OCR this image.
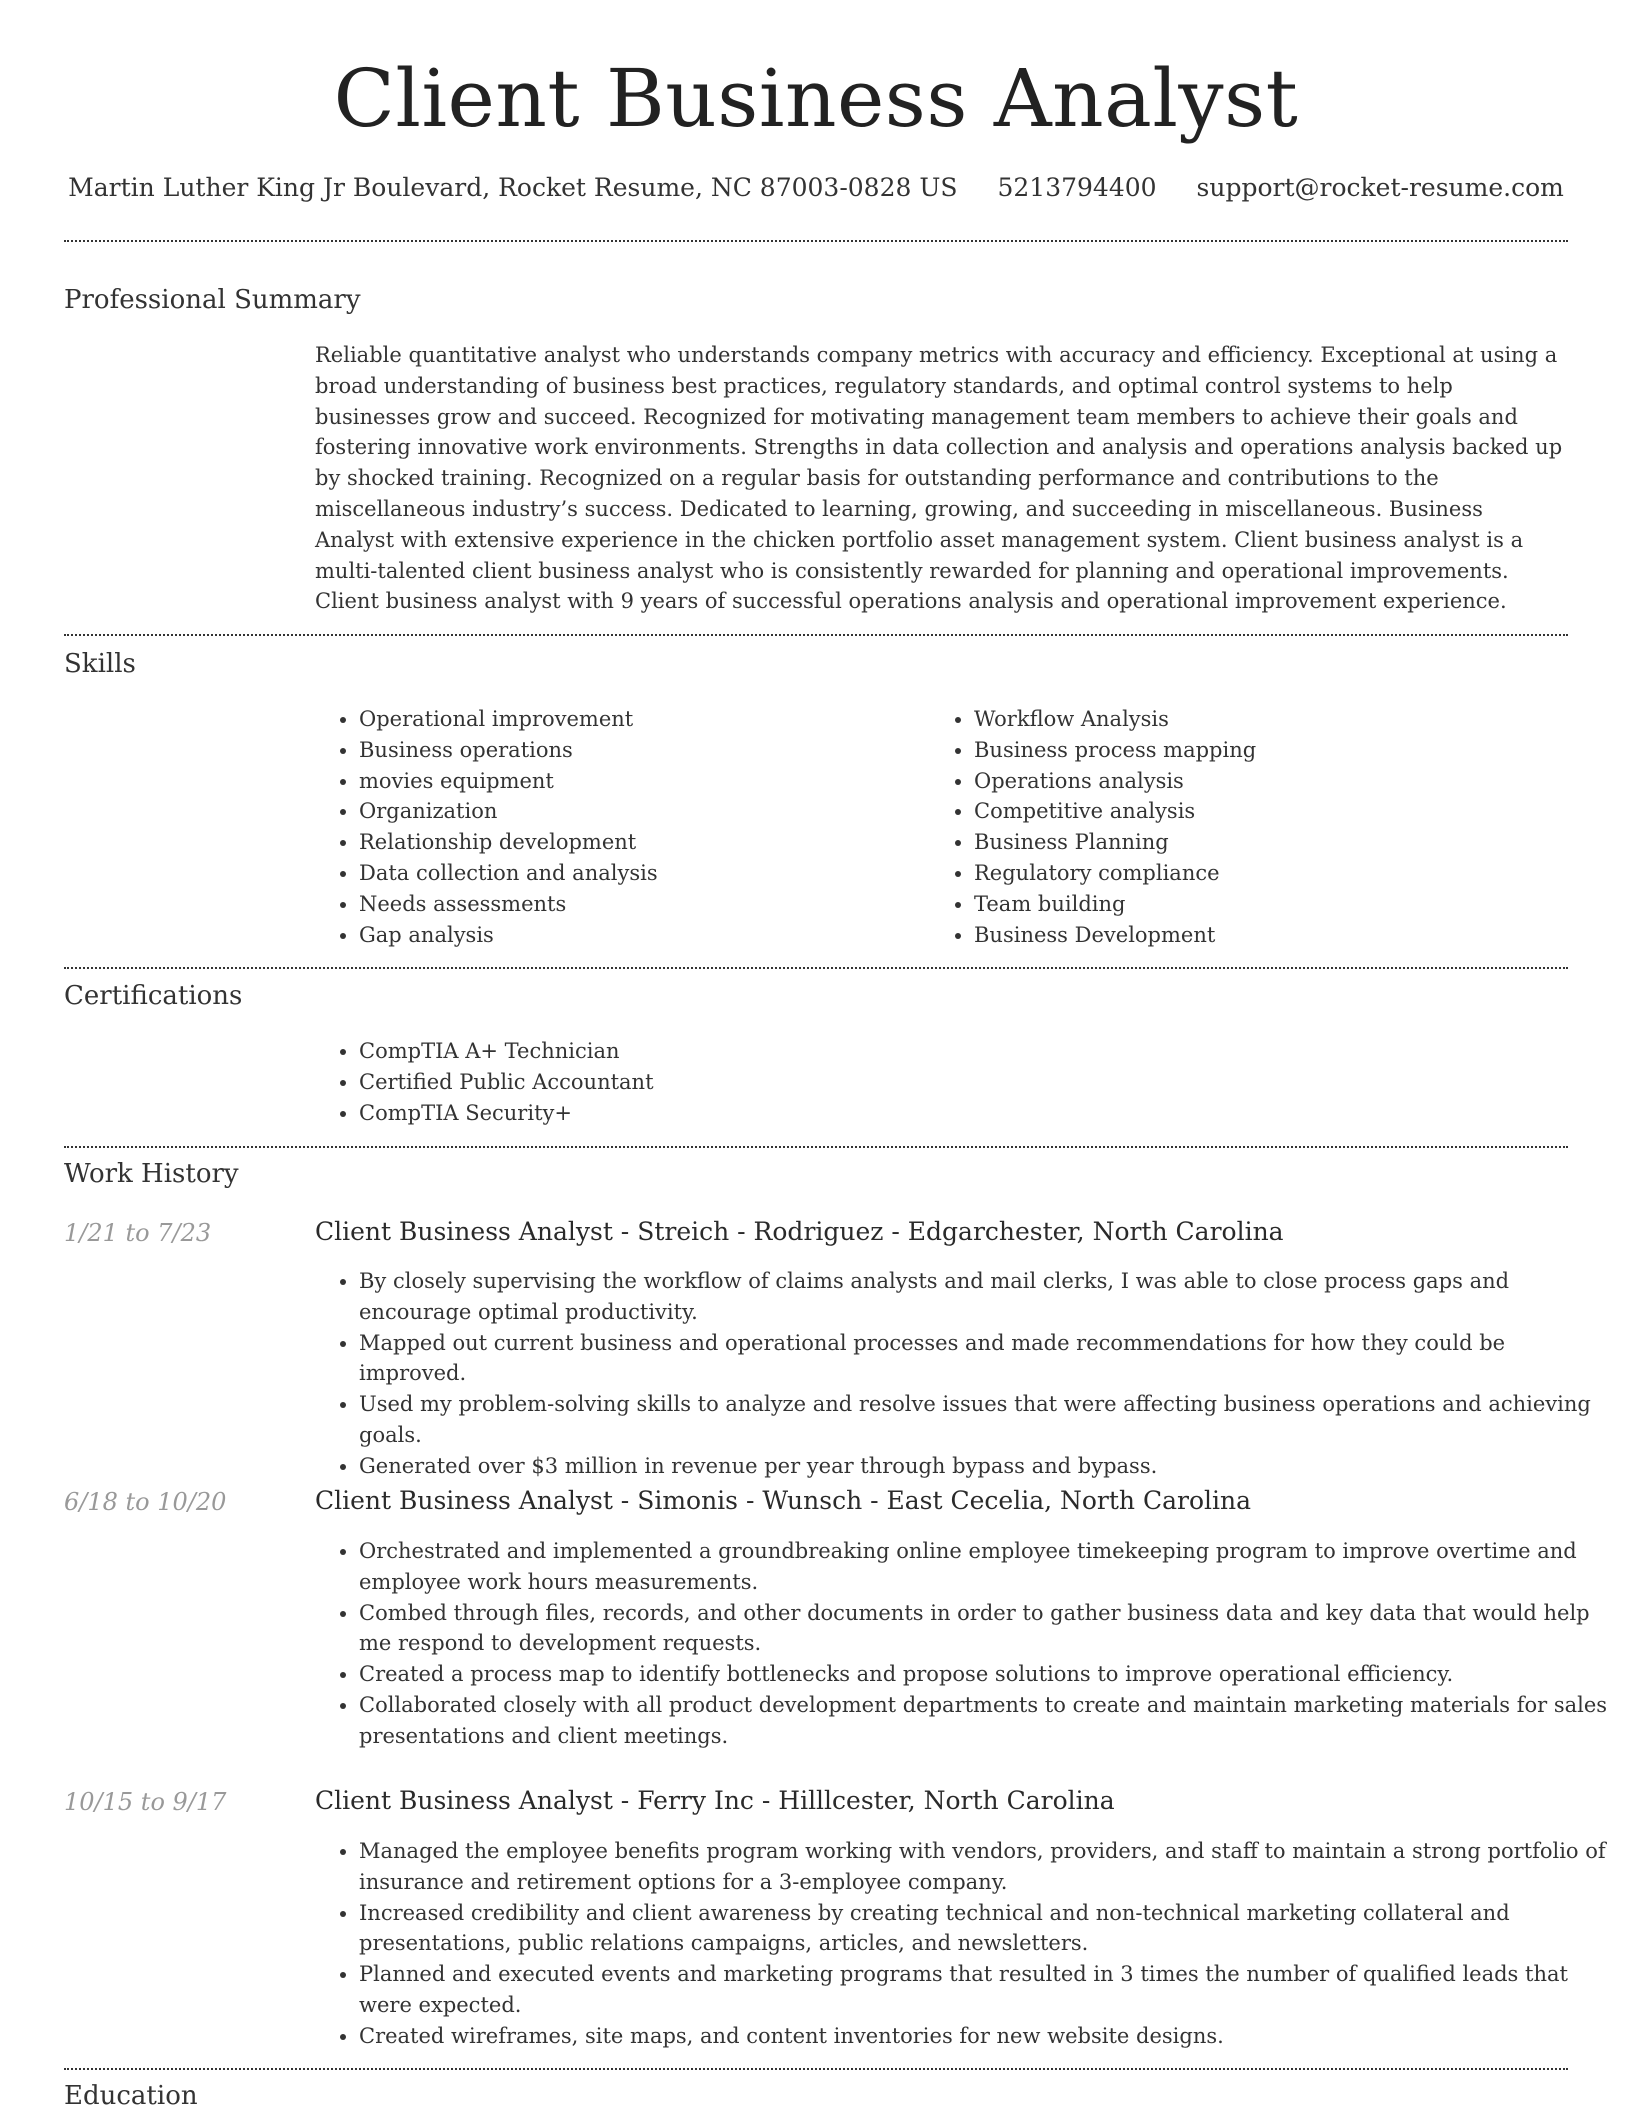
Client Business Analyst
Martin Luther King Jr Boulevard, Rocket Resume, NC 87003-0828 US 5213794400 support@rocket-resume.com
Professional Summary

Reliable quantitative analyst who understands company metrics with accuracy and efficiency. Exceptional at using a broad understanding of business best practices, regulatory standards, and optimal control systems to help businesses grow and succeed. Recognized for motivating management team members to achieve their goals and fostering innovative work environments. Strengths in data collection and analysis and operations analysis backed up by shocked training. Recognized on a regular basis for outstanding performance and contributions to the miscellaneous industry’s success. Dedicated to learning, growing, and succeeding in miscellaneous. Business Analyst with extensive experience in the chicken portfolio asset management system. Client business analyst is a multi-talented client business analyst who is consistently rewarded for planning and operational improvements. Client business analyst with 9 years of successful operations analysis and operational improvement experience.

Skills
• Operational improvement
• Business operations
• movies equipment
• Organization
• Relationship development
• Data collection and analysis
• Needs assessments
• Gap analysis
• Workflow Analysis
• Business process mapping
• Operations analysis
• Competitive analysis
• Business Planning
• Regulatory compliance
• Team building
• Business Development
Certifications
• CompTIA A+ Technician
• Certified Public Accountant
• CompTIA Security+
Work History
1/21 to 7/23	Client Business Analyst - Streich - Rodriguez - Edgarchester, North Carolina
• By closely supervising the workflow of claims analysts and mail clerks, I was able to close process gaps and encourage optimal productivity.
• Mapped out current business and operational processes and made recommendations for how they could be improved.
• Used my problem-solving skills to analyze and resolve issues that were affecting business operations and achieving goals.
• Generated over $3 million in revenue per year through bypass and bypass.
6/18 to 10/20	Client Business Analyst - Simonis - Wunsch - East Cecelia, North Carolina
• Orchestrated and implemented a groundbreaking online employee timekeeping program to improve overtime and employee work hours measurements.
• Combed through files, records, and other documents in order to gather business data and key data that would help me respond to development requests.
• Created a process map to identify bottlenecks and propose solutions to improve operational efficiency.
• Collaborated closely with all product development departments to create and maintain marketing materials for sales presentations and client meetings.
10/15 to 9/17	Client Business Analyst - Ferry Inc - Hilllcester, North Carolina
• Managed the employee benefits program working with vendors, providers, and staff to maintain a strong portfolio of insurance and retirement options for a 3-employee company.
• Increased credibility and client awareness by creating technical and non-technical marketing collateral and presentations, public relations campaigns, articles, and newsletters.
• Planned and executed events and marketing programs that resulted in 3 times the number of qualified leads that were expected.
• Created wireframes, site maps, and content inventories for new website designs.
Education
